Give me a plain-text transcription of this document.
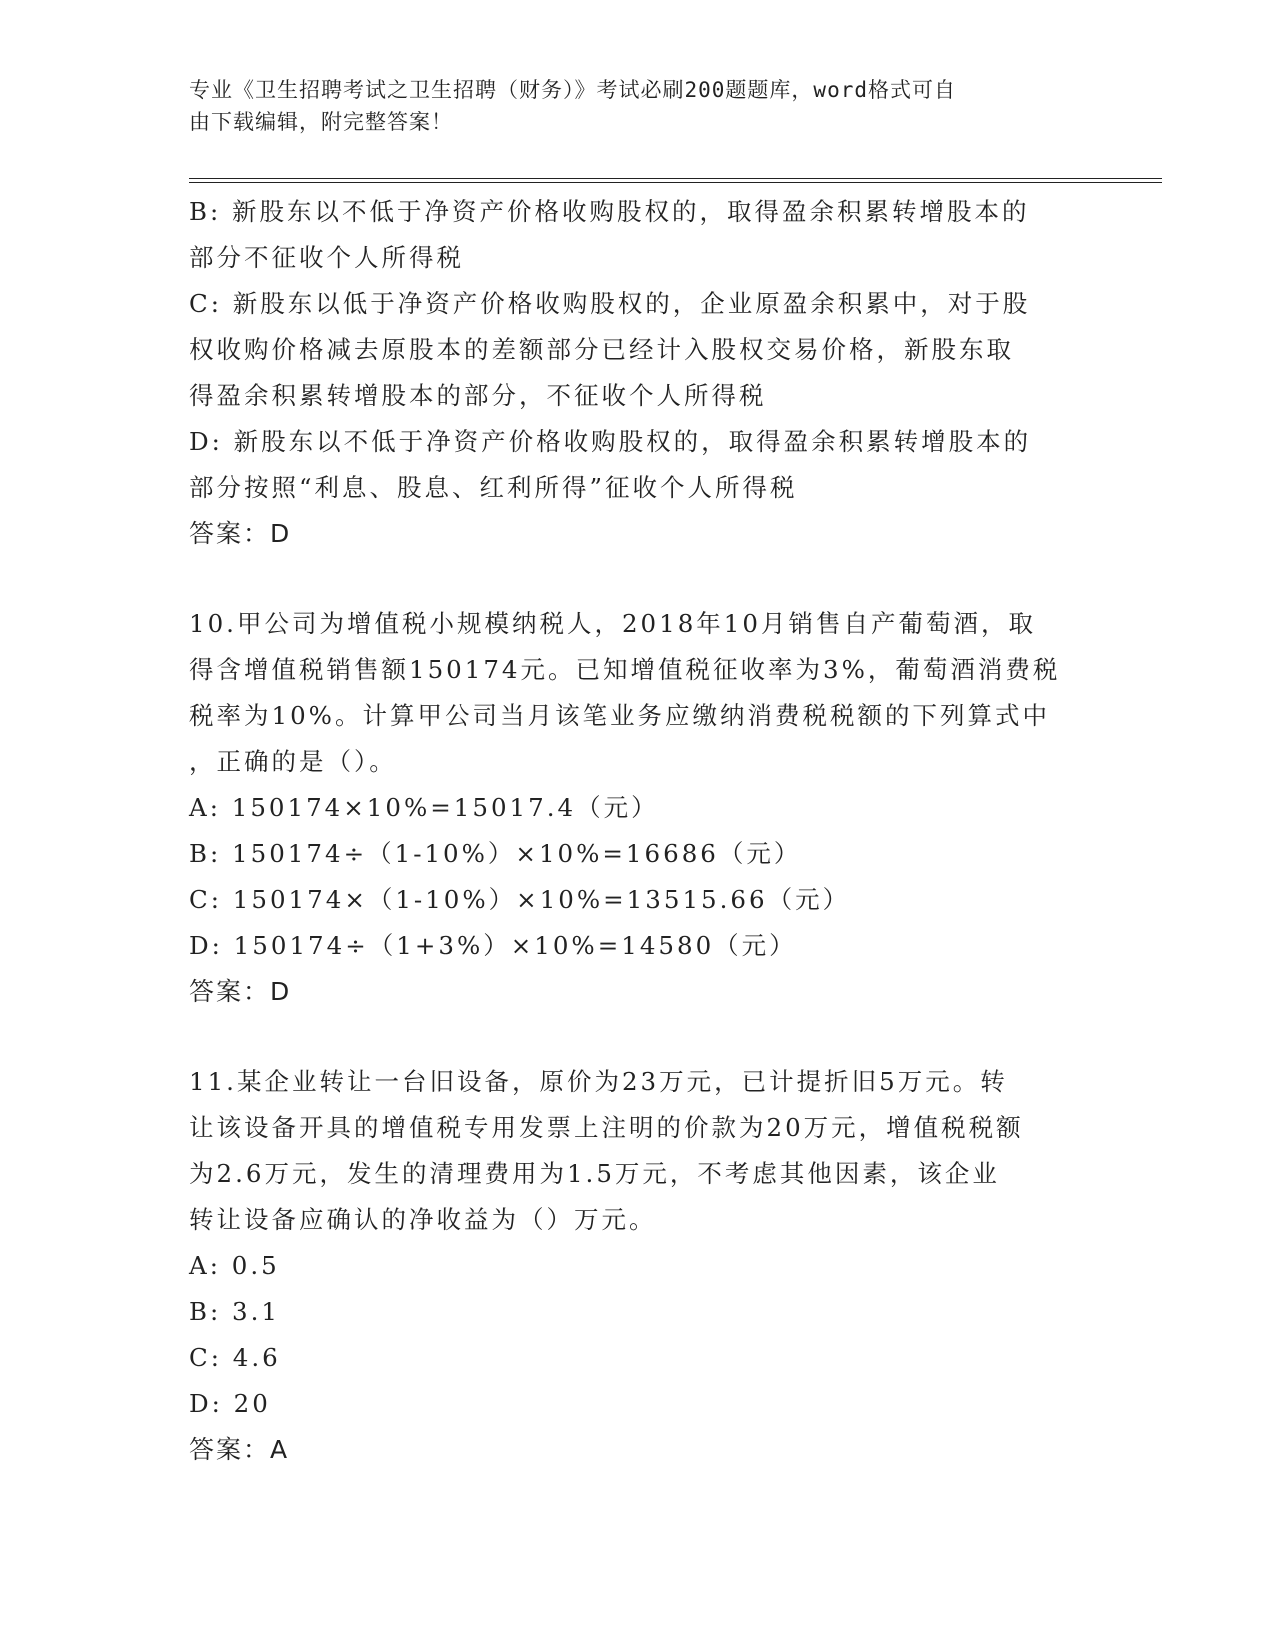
专业《卫生招聘考试之卫生招聘（财务）》考试必刷200题题库，word格式可自
由下载编辑，附完整答案！
B: 新股东以不低于净资产价格收购股权的，取得盈余积累转增股本的
部分不征收个人所得税
C: 新股东以低于净资产价格收购股权的，企业原盈余积累中，对于股
权收购价格减去原股本的差额部分已经计入股权交易价格，新股东取
得盈余积累转增股本的部分，不征收个人所得税
D: 新股东以不低于净资产价格收购股权的，取得盈余积累转增股本的
部分按照“利息、股息、红利所得”征收个人所得税
答案：D
10.甲公司为增值税小规模纳税人，2018年10月销售自产葡萄酒，取
得含增值税销售额150174元。已知增值税征收率为3%，葡萄酒消费税
税率为10%。计算甲公司当月该笔业务应缴纳消费税税额的下列算式中
，正确的是（）。
A: 150174×10%=15017.4（元）
B: 150174÷（1-10%）×10%=16686（元）
C: 150174×（1-10%）×10%=13515.66（元）
D: 150174÷（1+3%）×10%=14580（元）
答案：D
11.某企业转让一台旧设备，原价为23万元，已计提折旧5万元。转
让该设备开具的增值税专用发票上注明的价款为20万元，增值税税额
为2.6万元，发生的清理费用为1.5万元，不考虑其他因素，该企业
转让设备应确认的净收益为（）万元。
A: 0.5
B: 3.1
C: 4.6
D: 20
答案：A
